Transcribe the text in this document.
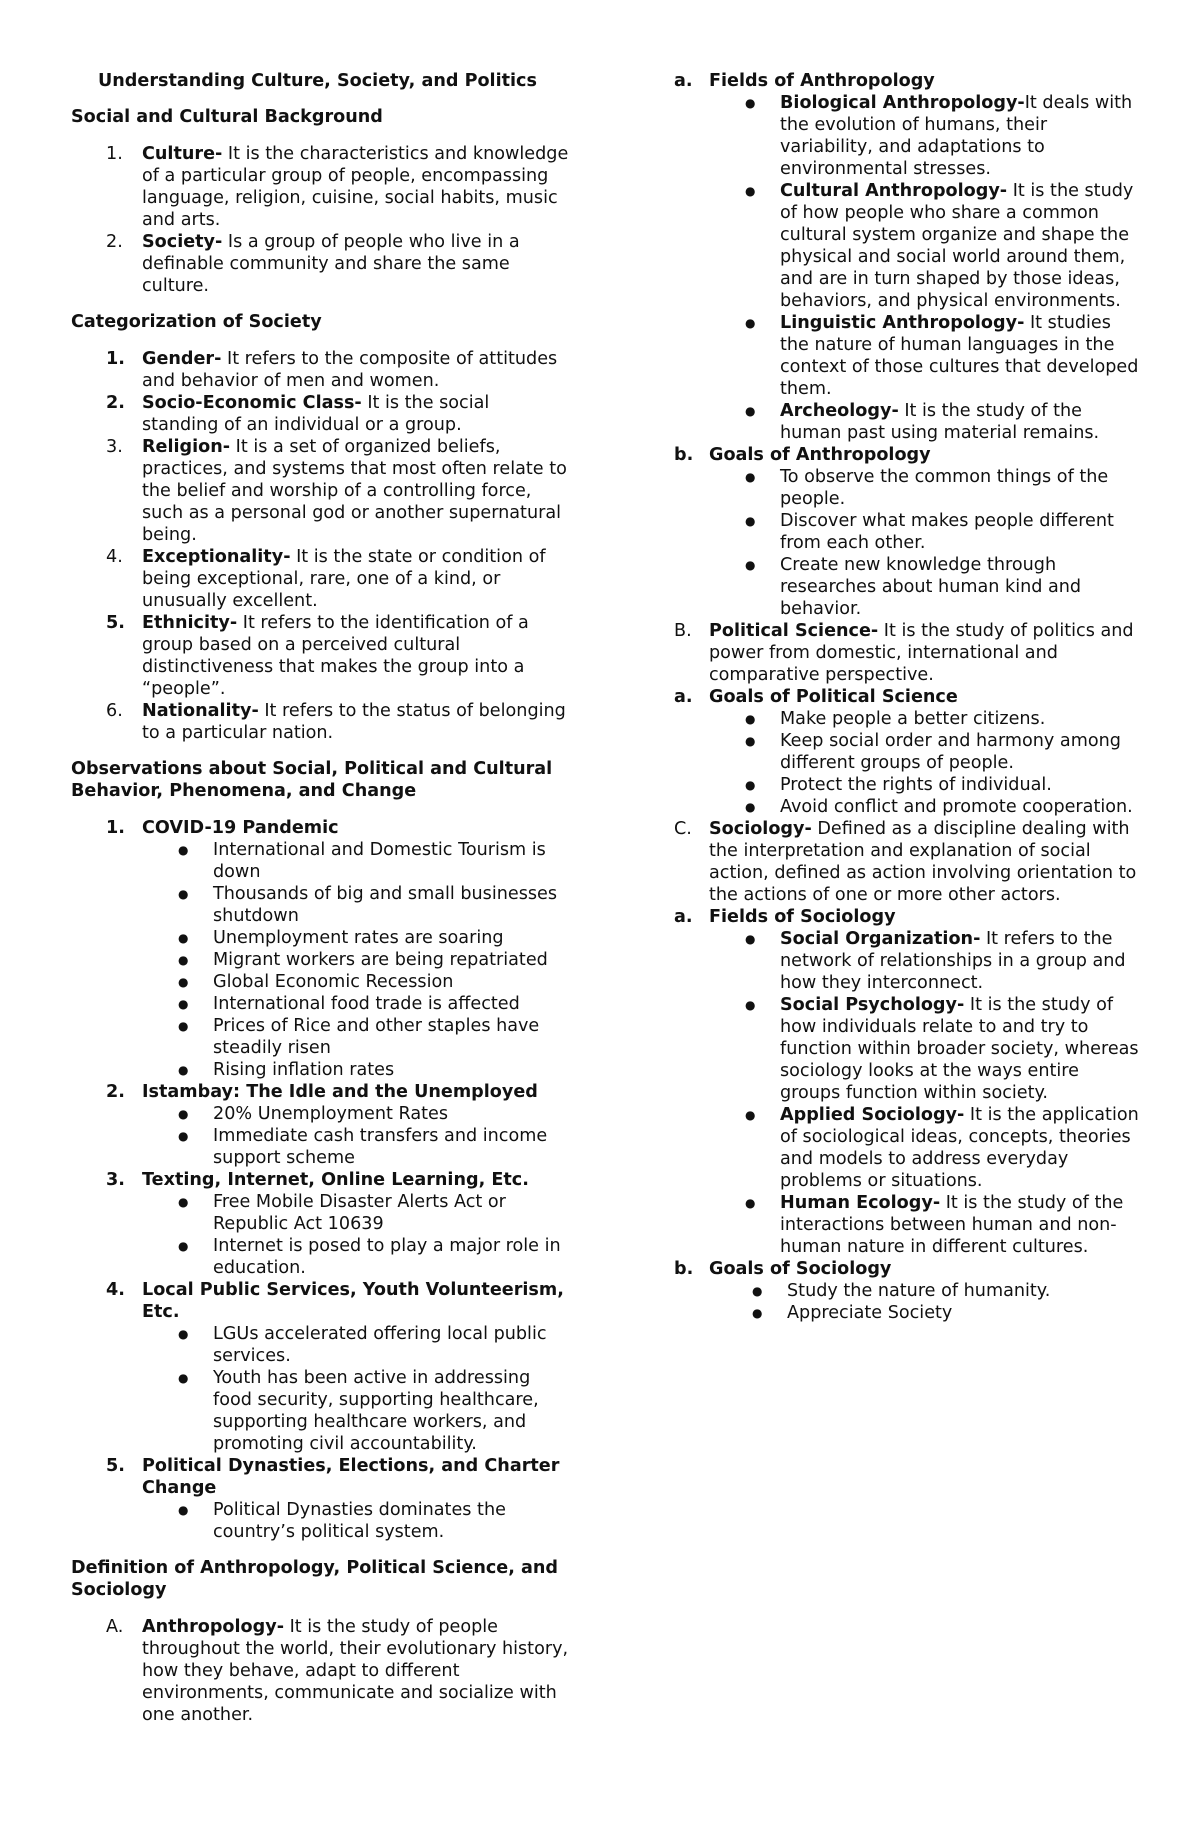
Understanding Culture, Society, and Politics
Social and Cultural Background
1. Culture- It is the characteristics and knowledge of a particular group of people, encompassing language, religion, cuisine, social habits, music and arts.
2. Society- Is a group of people who live in a definable community and share the same culture.
Categorization of Society
1. Gender- It refers to the composite of attitudes and behavior of men and women.
2. Socio-Economic Class- It is the social standing of an individual or a group.
3. Religion- It is a set of organized beliefs, practices, and systems that most often relate to the belief and worship of a controlling force, such as a personal god or another supernatural being.
4. Exceptionality- It is the state or condition of being exceptional, rare, one of a kind, or unusually excellent.
5. Ethnicity- It refers to the identification of a group based on a perceived cultural distinctiveness that makes the group into a “people”.
6. Nationality- It refers to the status of belonging to a particular nation.
Observations about Social, Political and Cultural Behavior, Phenomena, and Change
1. COVID-19 Pandemic
● International and Domestic Tourism is down
● Thousands of big and small businesses shutdown
● Unemployment rates are soaring
● Migrant workers are being repatriated
● Global Economic Recession
● International food trade is affected
● Prices of Rice and other staples have steadily risen
● Rising inflation rates
2. Istambay: The Idle and the Unemployed
● 20% Unemployment Rates
● Immediate cash transfers and income support scheme
3. Texting, Internet, Online Learning, Etc.
● Free Mobile Disaster Alerts Act or Republic Act 10639
● Internet is posed to play a major role in education.
4. Local Public Services, Youth Volunteerism, Etc.
● LGUs accelerated offering local public services.
● Youth has been active in addressing food security, supporting healthcare, supporting healthcare workers, and promoting civil accountability.
5. Political Dynasties, Elections, and Charter Change
● Political Dynasties dominates the country’s political system.
Definition of Anthropology, Political Science, and Sociology
A. Anthropology- It is the study of people throughout the world, their evolutionary history, how they behave, adapt to different environments, communicate and socialize with one another.
a. Fields of Anthropology
● Biological Anthropology-It deals with the evolution of humans, their variability, and adaptations to environmental stresses.
● Cultural Anthropology- It is the study of how people who share a common cultural system organize and shape the physical and social world around them, and are in turn shaped by those ideas, behaviors, and physical environments.
● Linguistic Anthropology- It studies the nature of human languages in the context of those cultures that developed them.
● Archeology- It is the study of the human past using material remains.
b. Goals of Anthropology
● To observe the common things of the people.
● Discover what makes people different from each other.
● Create new knowledge through researches about human kind and behavior.
B. Political Science- It is the study of politics and power from domestic, international and comparative perspective.
a. Goals of Political Science
● Make people a better citizens.
● Keep social order and harmony among different groups of people.
● Protect the rights of individual.
● Avoid conflict and promote cooperation.
C. Sociology- Defined as a discipline dealing with the interpretation and explanation of social action, defined as action involving orientation to the actions of one or more other actors.
a. Fields of Sociology
● Social Organization- It refers to the network of relationships in a group and how they interconnect.
● Social Psychology- It is the study of how individuals relate to and try to function within broader society, whereas sociology looks at the ways entire groups function within society.
● Applied Sociology- It is the application of sociological ideas, concepts, theories and models to address everyday problems or situations.
● Human Ecology- It is the study of the interactions between human and non-human nature in different cultures.
b. Goals of Sociology
● Study the nature of humanity.
● Appreciate Society
